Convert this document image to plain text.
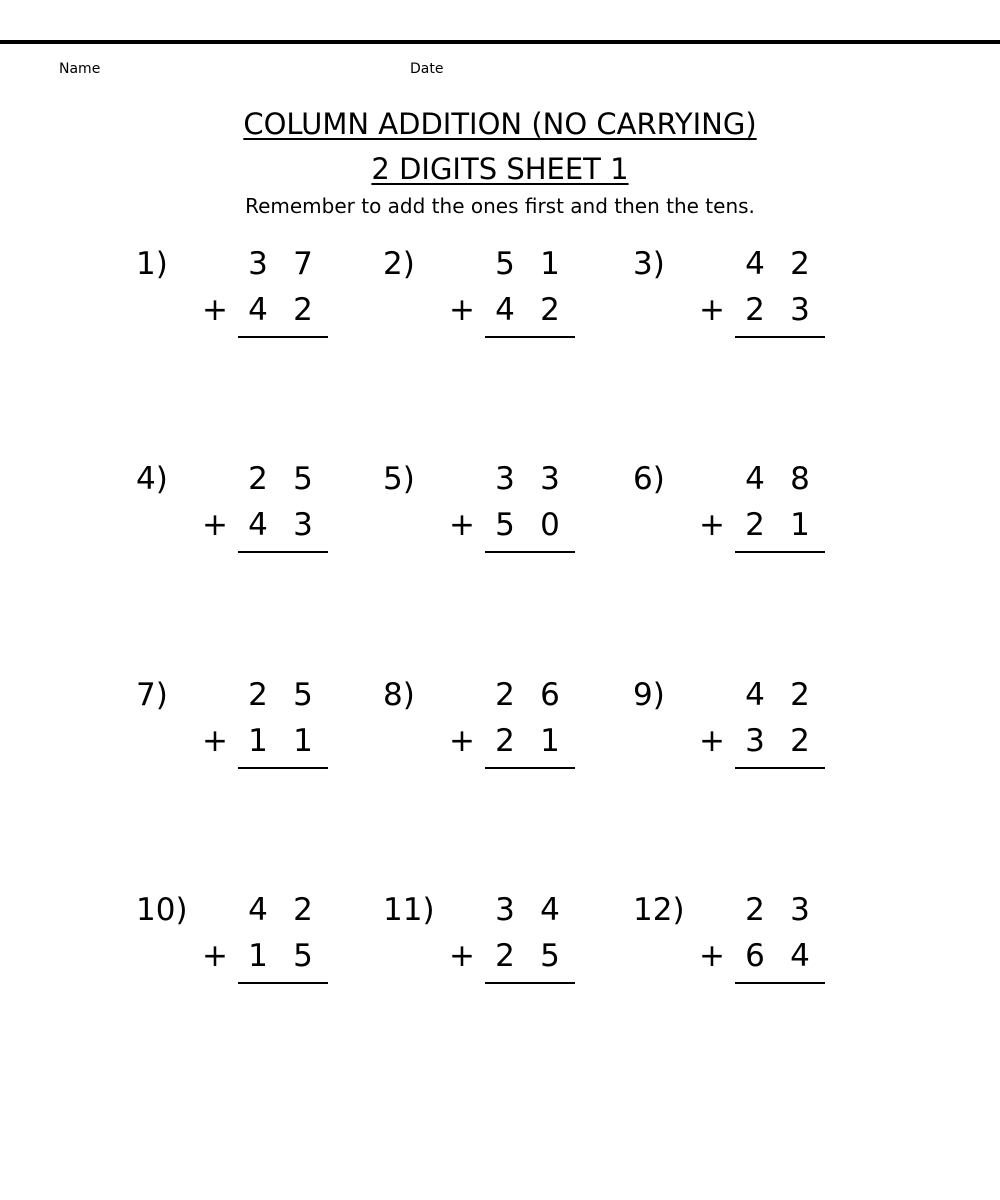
Name	Date
COLUMN ADDITION (NO CARRYING)
2 DIGITS SHEET 1
Remember to add the ones first and then the tens.
1)	3 7
4 2
+
2)	5 1
4 2
+
3)	4 2
2 3
+
4)	2 5
4 3
+
5)	3 3
5 0
+
6)	4 8
2 1
+
7)	2 5
1 1
+
8)	2 6
2 1
+
9)	4 2
3 2
+
10) 4 2
1 5
+
11) 3 4
2 5
+
12) 2 3
6 4
+
